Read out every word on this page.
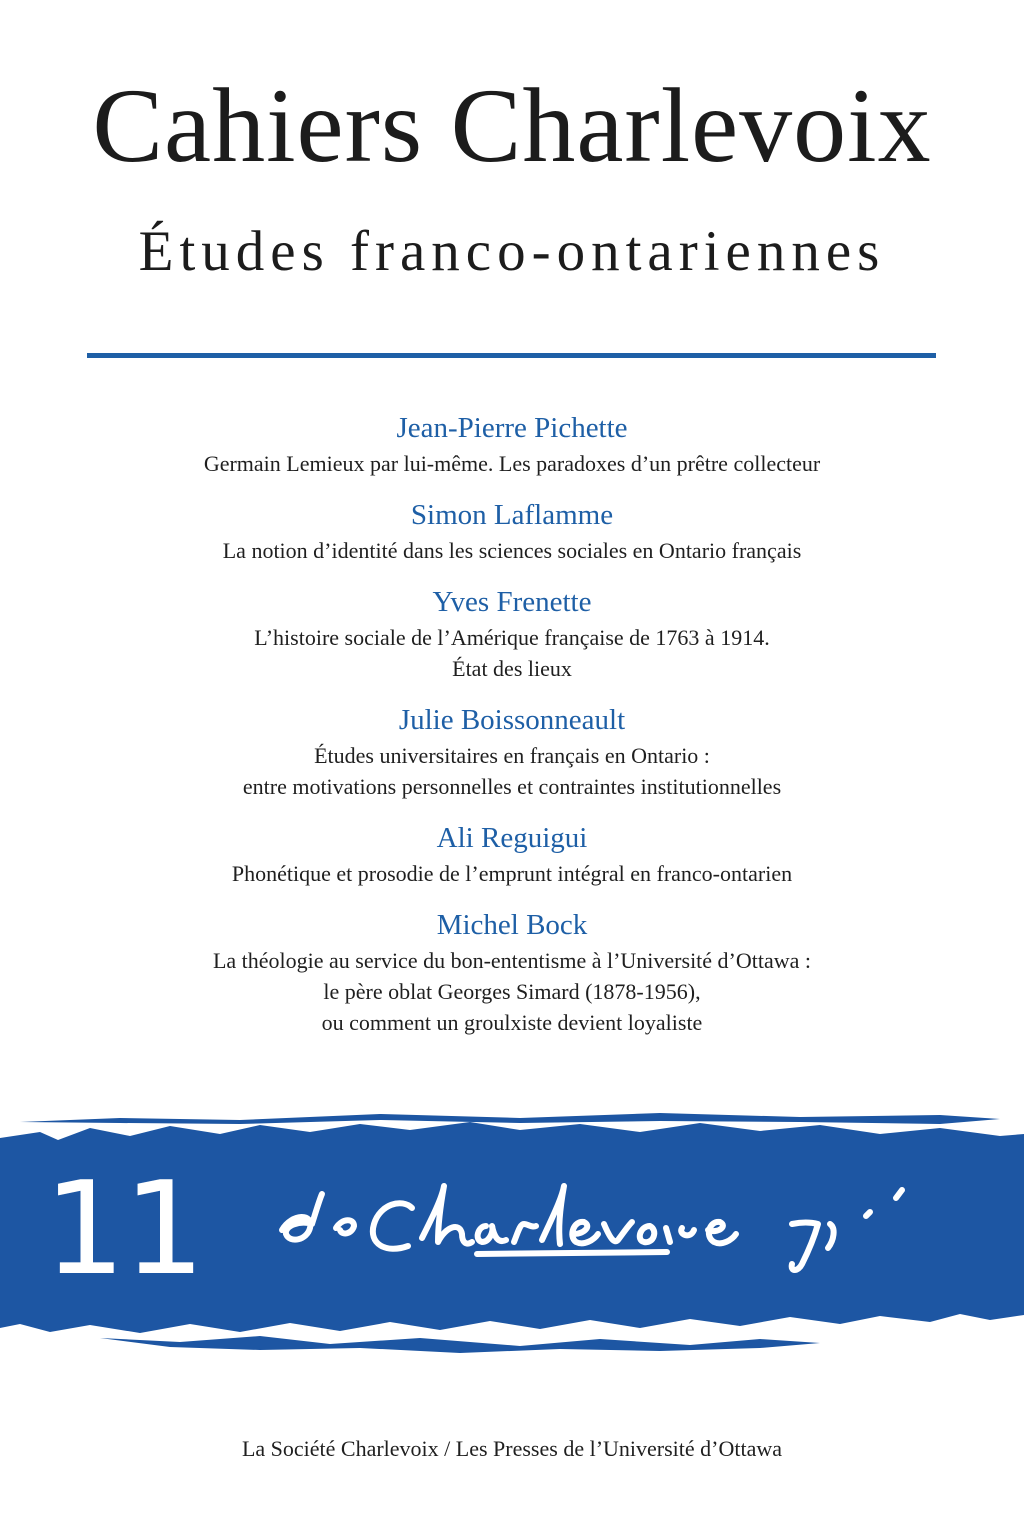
Cahiers Charlevoix
Études franco-ontariennes
Jean-Pierre Pichette
Germain Lemieux par lui-même. Les paradoxes d’un prêtre collecteur
Simon Laflamme
La notion d’identité dans les sciences sociales en Ontario français
Yves Frenette
L’histoire sociale de l’Amérique française de 1763 à 1914.
État des lieux
Julie Boissonneault
Études universitaires en français en Ontario :
entre motivations personnelles et contraintes institutionnelles
Ali Reguigui
Phonétique et prosodie de l’emprunt intégral en franco-ontarien
Michel Bock
La théologie au service du bon-ententisme à l’Université d’Ottawa :
le père oblat Georges Simard (1878-1956),
ou comment un groulxiste devient loyaliste
11
La Société Charlevoix / Les Presses de l’Université d’Ottawa
